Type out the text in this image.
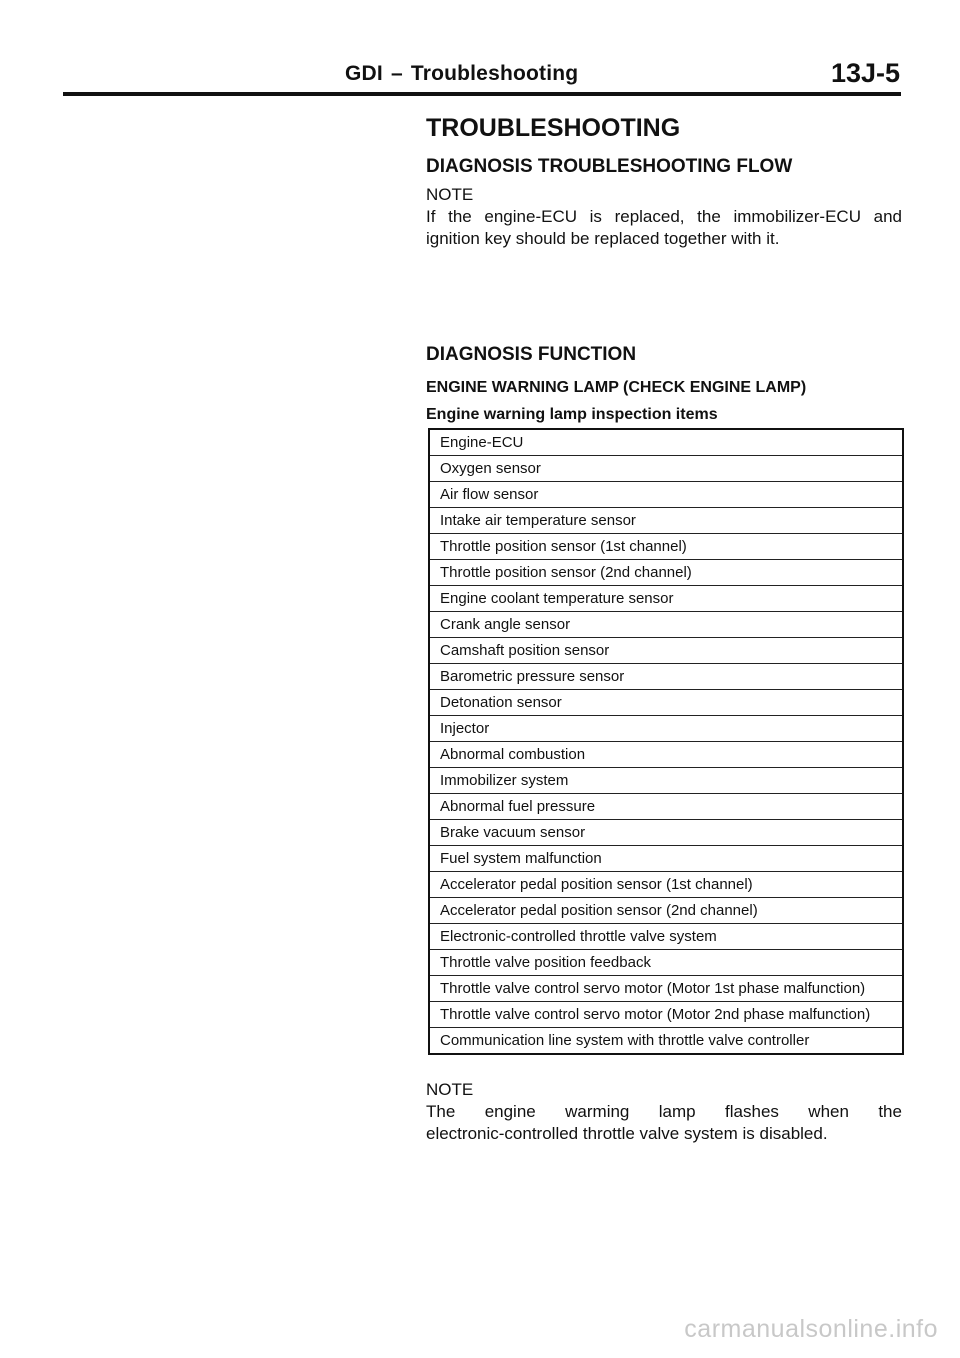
GDI – Troubleshooting	13J-5
TROUBLESHOOTING
DIAGNOSIS TROUBLESHOOTING FLOW
NOTE
If the engine-ECU is replaced, the immobilizer-ECU and ignition key should be replaced together with it.
DIAGNOSIS FUNCTION
ENGINE WARNING LAMP (CHECK ENGINE LAMP)
Engine warning lamp inspection items
Engine-ECU
Oxygen sensor
Air flow sensor
Intake air temperature sensor
Throttle position sensor (1st channel)
Throttle position sensor (2nd channel)
Engine coolant temperature sensor
Crank angle sensor
Camshaft position sensor
Barometric pressure sensor
Detonation sensor
Injector
Abnormal combustion
Immobilizer system
Abnormal fuel pressure
Brake vacuum sensor
Fuel system malfunction
Accelerator pedal position sensor (1st channel)
Accelerator pedal position sensor (2nd channel)
Electronic-controlled throttle valve system
Throttle valve position feedback
Throttle valve control servo motor (Motor 1st phase malfunction)
Throttle valve control servo motor (Motor 2nd phase malfunction)
Communication line system with throttle valve controller
NOTE
The engine warming lamp flashes when the
electronic-controlled throttle valve system is disabled.
carmanualsonline.info
